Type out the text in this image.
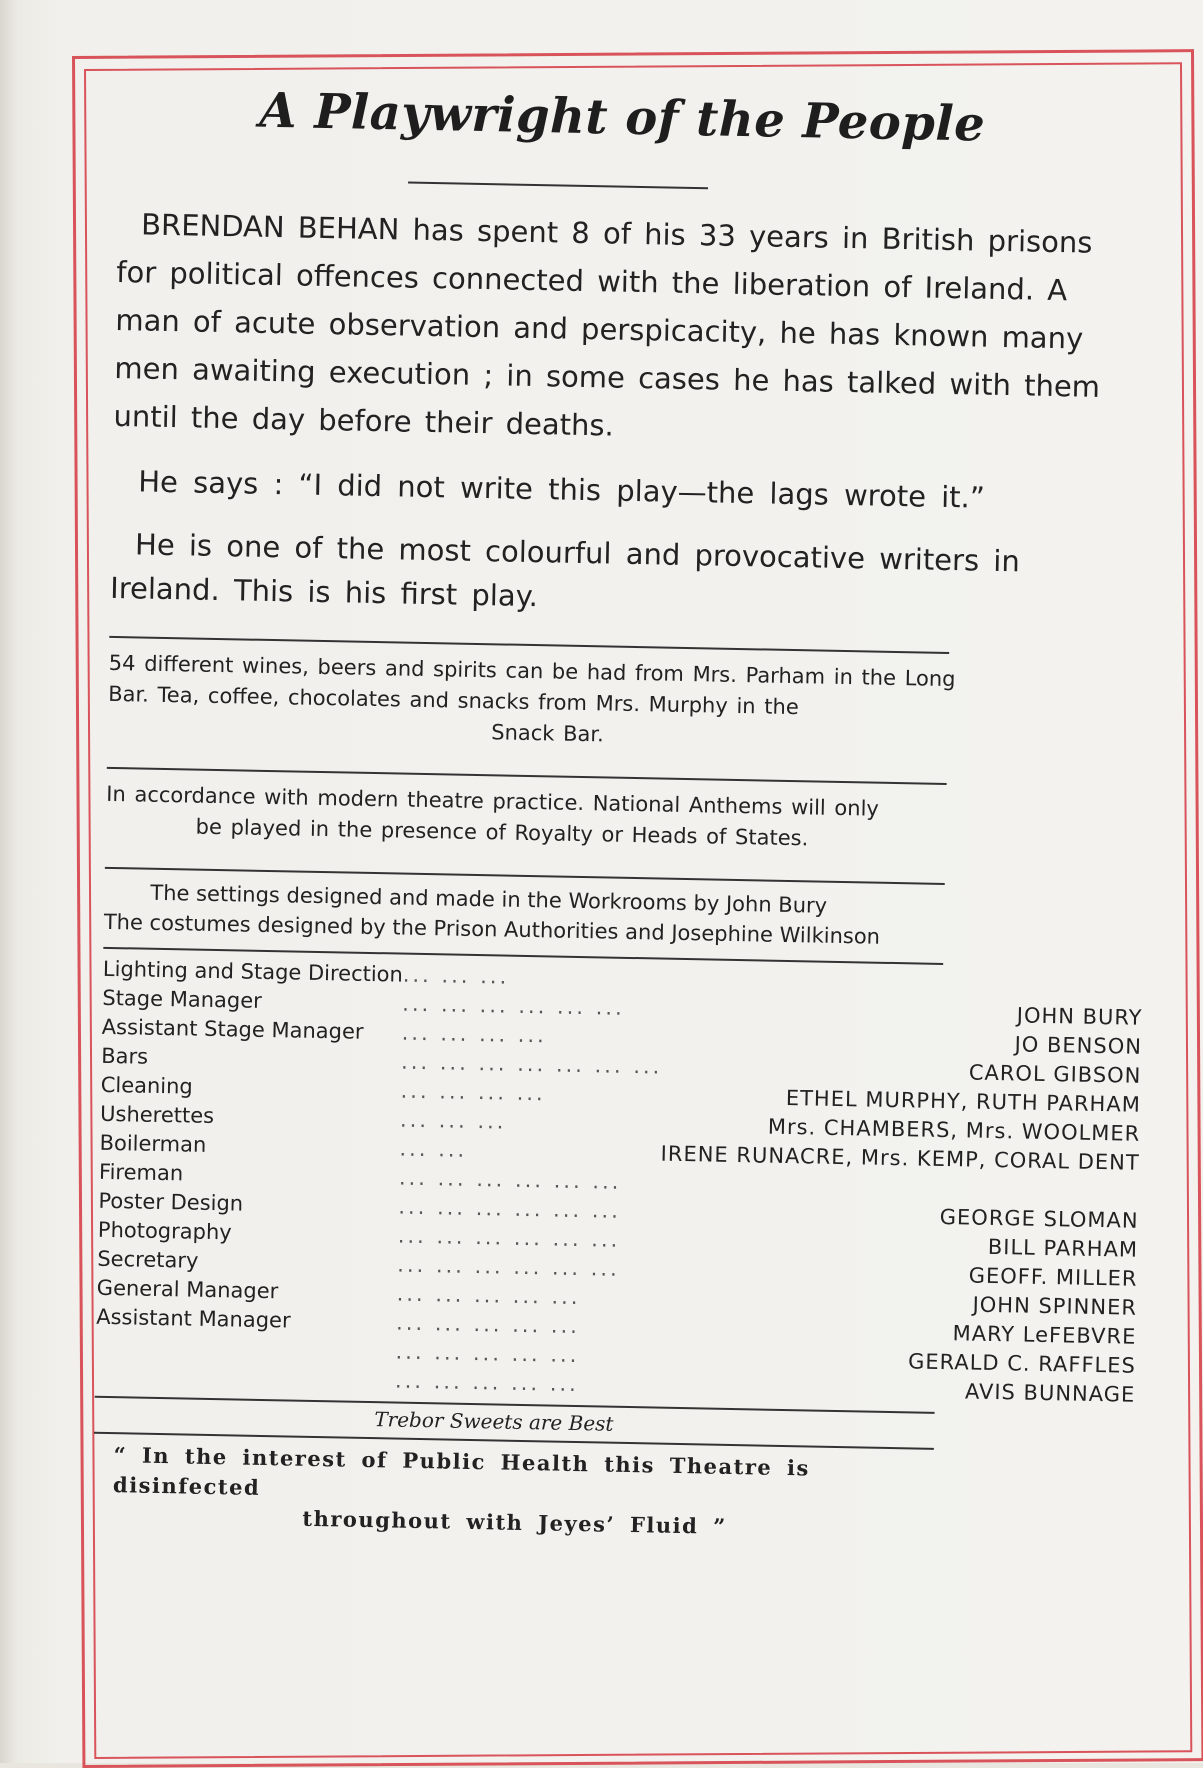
A Playwright of the People

BRENDAN BEHAN has spent 8 of his 33 years in British prisons for political offences connected with the liberation of Ireland. A man of acute observation and perspicacity, he has known many men awaiting execution ; in some cases he has talked with them until the day before their deaths.

He says : “I did not write this play—the lags wrote it.”

He is one of the most colourful and provocative writers in Ireland. This is his first play.

54 different wines, beers and spirits can be had from Mrs. Parham in the Long Bar. Tea, coffee, chocolates and snacks from Mrs. Murphy in the
Snack Bar.
In accordance with modern theatre practice. National Anthems will only
be played in the presence of Royalty or Heads of States.
The settings designed and made in the Workrooms by John Bury
The costumes designed by the Prison Authorities and Josephine Wilkinson
Lighting and Stage Direction	... ... ...	
Stage Manager	... ... ... ... ... ...	JOHN BURY
Assistant Stage Manager	... ... ... ...	JO BENSON
Bars	... ... ... ... ... ... ...	CAROL GIBSON
Cleaning	... ... ... ...	ETHEL MURPHY, RUTH PARHAM
Usherettes	... ... ...	Mrs. CHAMBERS, Mrs. WOOLMER
Boilerman	... ...	IRENE RUNACRE, Mrs. KEMP, CORAL DENT
Fireman	... ... ... ... ... ...	
Poster Design	... ... ... ... ... ...	GEORGE SLOMAN
Photography	... ... ... ... ... ...	BILL PARHAM
Secretary	... ... ... ... ... ...	GEOFF. MILLER
General Manager	... ... ... ... ...	JOHN SPINNER
Assistant Manager	... ... ... ... ...	MARY LeFEBVRE
	... ... ... ... ...	GERALD C. RAFFLES
	... ... ... ... ...	AVIS BUNNAGE

Trebor Sweets are Best

“ In the interest of Public Health this Theatre is disinfected
throughout with Jeyes’ Fluid ”
